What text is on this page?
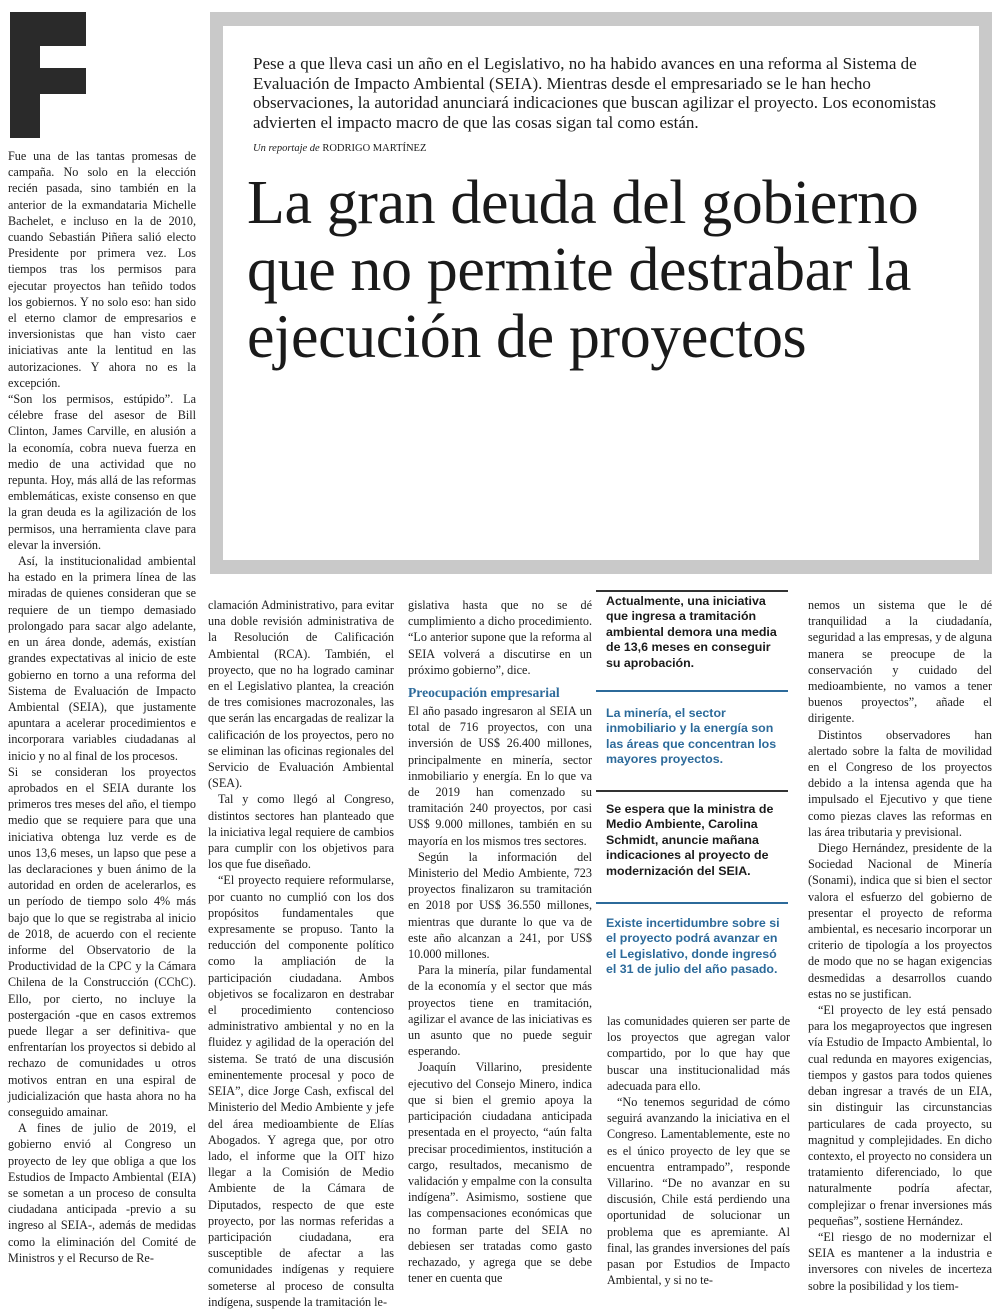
Pese a que lleva casi un año en el Legislativo, no ha habido avances en una reforma al Sistema de Evaluación de Impacto Ambiental (SEIA). Mientras desde el empresariado se le han hecho observaciones, la autoridad anunciará indicaciones que buscan agilizar el proyecto. Los economistas advierten el impacto macro de que las cosas sigan tal como están.

Un reportaje de RODRIGO MARTÍNEZ

La gran deuda del gobierno que no permite destrabar la ejecución de proyectos

Fue una de las tantas promesas de campaña. No solo en la elección recién pasada, sino también en la anterior de la exmandataria Michelle Bachelet, e incluso en la de 2010, cuando Sebastián Piñera salió electo Presidente por primera vez. Los tiempos tras los permisos para ejecutar proyectos han teñido todos los gobiernos. Y no solo eso: han sido el eterno clamor de empresarios e inversionistas que han visto caer iniciativas ante la lentitud en las autorizaciones. Y ahora no es la excepción.

“Son los permisos, estúpido”. La célebre frase del asesor de Bill Clinton, James Carville, en alusión a la economía, cobra nueva fuerza en medio de una actividad que no repunta. Hoy, más allá de las reformas emblemáticas, existe consenso en que la gran deuda es la agilización de los permisos, una herramienta clave para elevar la inversión.

Así, la institucionalidad ambiental ha estado en la primera línea de las miradas de quienes consideran que se requiere de un tiempo demasiado prolongado para sacar algo adelante, en un área donde, además, existían grandes expectativas al inicio de este gobierno en torno a una reforma del Sistema de Evaluación de Impacto Ambiental (SEIA), que justamente apuntara a acelerar procedimientos e incorporara variables ciudadanas al inicio y no al final de los procesos.

Si se consideran los proyectos aprobados en el SEIA durante los primeros tres meses del año, el tiempo medio que se requiere para que una iniciativa obtenga luz verde es de unos 13,6 meses, un lapso que pese a las declaraciones y buen ánimo de la autoridad en orden de acelerarlos, es un período de tiempo solo 4% más bajo que lo que se registraba al inicio de 2018, de acuerdo con el reciente informe del Observatorio de la Productividad de la CPC y la Cámara Chilena de la Construcción (CChC). Ello, por cierto, no incluye la postergación -que en casos extremos puede llegar a ser definitiva- que enfrentarían los proyectos si debido al rechazo de comunidades u otros motivos entran en una espiral de judicialización que hasta ahora no ha conseguido amainar.

A fines de julio de 2019, el gobierno envió al Congreso un proyecto de ley que obliga a que los Estudios de Impacto Ambiental (EIA) se sometan a un proceso de consulta ciudadana anticipada -previo a su ingreso al SEIA-, además de medidas como la eliminación del Comité de Ministros y el Recurso de Re-

clamación Administrativo, para evitar una doble revisión administrativa de la Resolución de Calificación Ambiental (RCA). También, el proyecto, que no ha logrado caminar en el Legislativo plantea, la creación de tres comisiones macrozonales, las que serán las encargadas de realizar la calificación de los proyectos, pero no se eliminan las oficinas regionales del Servicio de Evaluación Ambiental (SEA).

Tal y como llegó al Congreso, distintos sectores han planteado que la iniciativa legal requiere de cambios para cumplir con los objetivos para los que fue diseñado.

“El proyecto requiere reformularse, por cuanto no cumplió con los dos propósitos fundamentales que expresamente se propuso. Tanto la reducción del componente político como la ampliación de la participación ciudadana. Ambos objetivos se focalizaron en destrabar el procedimiento contencioso administrativo ambiental y no en la fluidez y agilidad de la operación del sistema. Se trató de una discusión eminentemente procesal y poco de SEIA”, dice Jorge Cash, exfiscal del Ministerio del Medio Ambiente y jefe del área medioambiente de Elías Abogados. Y agrega que, por otro lado, el informe que la OIT hizo llegar a la Comisión de Medio Ambiente de la Cámara de Diputados, respecto de que este proyecto, por las normas referidas a participación ciudadana, era susceptible de afectar a las comunidades indígenas y requiere someterse al proceso de consulta indígena, suspende la tramitación le-

gislativa hasta que no se dé cumplimiento a dicho procedimiento. “Lo anterior supone que la reforma al SEIA volverá a discutirse en un próximo gobierno”, dice.

Preocupación empresarial

El año pasado ingresaron al SEIA un total de 716 proyectos, con una inversión de US$ 26.400 millones, principalmente en minería, sector inmobiliario y energía. En lo que va de 2019 han comenzado su tramitación 240 proyectos, por casi US$ 9.000 millones, también en su mayoría en los mismos tres sectores.

Según la información del Ministerio del Medio Ambiente, 723 proyectos finalizaron su tramitación en 2018 por US$ 36.550 millones, mientras que durante lo que va de este año alcanzan a 241, por US$ 10.000 millones.

Para la minería, pilar fundamental de la economía y el sector que más proyectos tiene en tramitación, agilizar el avance de las iniciativas es un asunto que no puede seguir esperando.

Joaquín Villarino, presidente ejecutivo del Consejo Minero, indica que si bien el gremio apoya la participación ciudadana anticipada presentada en el proyecto, “aún falta precisar procedimientos, institución a cargo, resultados, mecanismo de validación y empalme con la consulta indígena”. Asimismo, sostiene que las compensaciones económicas que no forman parte del SEIA no debiesen ser tratadas como gasto rechazado, y agrega que se debe tener en cuenta que

Actualmente, una iniciativa que ingresa a tramitación ambiental demora una media de 13,6 meses en conseguir su aprobación.

La minería, el sector inmobiliario y la energía son las áreas que concentran los mayores proyectos.

Se espera que la ministra de Medio Ambiente, Carolina Schmidt, anuncie mañana indicaciones al proyecto de modernización del SEIA.

Existe incertidumbre sobre si el proyecto podrá avanzar en el Legislativo, donde ingresó el 31 de julio del año pasado.

las comunidades quieren ser parte de los proyectos que agregan valor compartido, por lo que hay que buscar una institucionalidad más adecuada para ello.

“No tenemos seguridad de cómo seguirá avanzando la iniciativa en el Congreso. Lamentablemente, este no es el único proyecto de ley que se encuentra entrampado”, responde Villarino. “De no avanzar en su discusión, Chile está perdiendo una oportunidad de solucionar un problema que es apremiante. Al final, las grandes inversiones del país pasan por Estudios de Impacto Ambiental, y si no te-

nemos un sistema que le dé tranquilidad a la ciudadanía, seguridad a las empresas, y de alguna manera se preocupe de la conservación y cuidado del medioambiente, no vamos a tener buenos proyectos”, añade el dirigente.

Distintos observadores han alertado sobre la falta de movilidad en el Congreso de los proyectos debido a la intensa agenda que ha impulsado el Ejecutivo y que tiene como piezas claves las reformas en las área tributaria y previsional.

Diego Hernández, presidente de la Sociedad Nacional de Minería (Sonami), indica que si bien el sector valora el esfuerzo del gobierno de presentar el proyecto de reforma ambiental, es necesario incorporar un criterio de tipología a los proyectos de modo que no se hagan exigencias desmedidas a desarrollos cuando estas no se justifican.

“El proyecto de ley está pensado para los megaproyectos que ingresen vía Estudio de Impacto Ambiental, lo cual redunda en mayores exigencias, tiempos y gastos para todos quienes deban ingresar a través de un EIA, sin distinguir las circunstancias particulares de cada proyecto, su magnitud y complejidades. En dicho contexto, el proyecto no considera un tratamiento diferenciado, lo que naturalmente podría afectar, complejizar o frenar inversiones más pequeñas”, sostiene Hernández.

“El riesgo de no modernizar el SEIA es mantener a la industria e inversores con niveles de incerteza sobre la posibilidad y los tiem-
